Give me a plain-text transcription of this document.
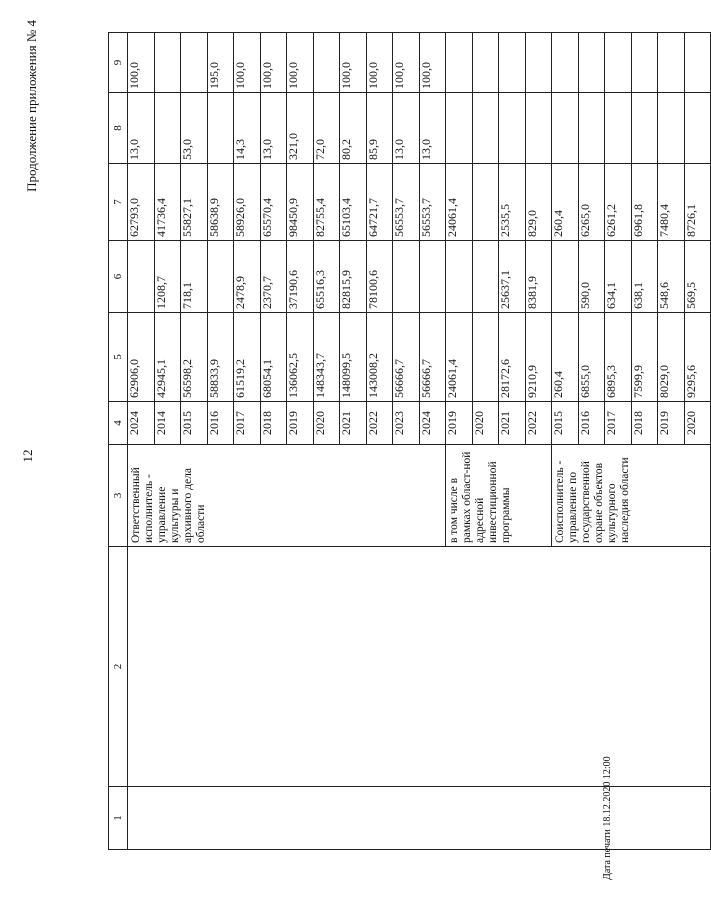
12
Продолжение приложения № 4
1	2	3	4	5	6	7	8	9
		Ответственный исполнитель - управление культуры и архивного дела области	2024	62906,0		62793,0	13,0	100,0
			2014	42945,1	1208,7	41736,4		
			2015	56598,2	718,1	55827,1	53,0	
			2016	58833,9		58638,9		195,0
			2017	61519,2	2478,9	58926,0	14,3	100,0
			2018	68054,1	2370,7	65570,4	13,0	100,0
			2019	136062,5	37190,6	98450,9	321,0	100,0
			2020	148343,7	65516,3	82755,4	72,0	
			2021	148099,5	82815,9	65103,4	80,2	100,0
			2022	143008,2	78100,6	64721,7	85,9	100,0
			2023	56666,7		56553,7	13,0	100,0
			2024	56666,7		56553,7	13,0	100,0
		в том числе в рамках област-ной адресной инвестиционной программы	2019	24061,4		24061,4		
			2020					
			2021	28172,6	25637,1	2535,5		
			2022	9210,9	8381,9	829,0		
		Соисполнитель - управление по государственной охране объектов культурного наследия области	2015	260,4		260,4		
			2016	6855,0	590,0	6265,0		
			2017	6895,3	634,1	6261,2		
			2018	7599,9	638,1	6961,8		
			2019	8029,0	548,6	7480,4		
			2020	9295,6	569,5	8726,1		
Дата печати 18.12.2020 12:00
